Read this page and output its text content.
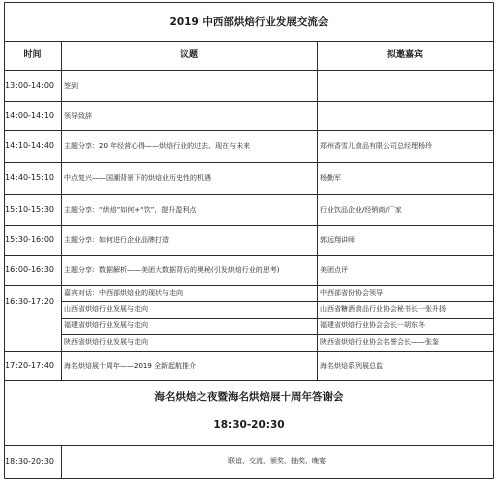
2019 中西部烘焙行业发展交流会
时间	议题	拟邀嘉宾
13:00-14:00 签到
14:00-14:10 领导致辞
14:10-14:40 主题分享：20 年经营心得——烘焙行业的过去、现在与未来	郑州香雪儿食品有限公司总经理杨玲
14:40-15:10 中点复兴——国潮背景下的烘焙业历史性的机遇	杨勤军
15:10-15:30 主题分享：“烘焙”如何+“饮”，提升盈利点	行业饮品企业/经销商/厂家
15:30-16:00 主题分享：如何进行企业品牌打造	郭远翔讲师
16:00-16:30 主题分享：数据解析——美团大数据背后的奥秘(引发烘焙行业的思考)	美团点评
16:30-17:20
嘉宾对话：中西部烘焙业的现状与走向	中西部省份协会领导
山西省烘焙行业发展与走向	山西省糖酒食品行业协会秘书长一张升扬
福建省烘焙行业发展与走向	福建省烘焙行业协会会长一胡东冬
陕西省烘焙行业发展与走向	陕西省烘焙行业协会名誉会长——张鉴
17:20-17:40 海名烘焙展十周年——2019 全新起航推介	海名烘焙系列展总监
海名烘焙之夜暨海名烘焙展十周年答谢会
18:30-20:30
18:30-20:30	联谊、交流、颁奖、抽奖、晚宴
